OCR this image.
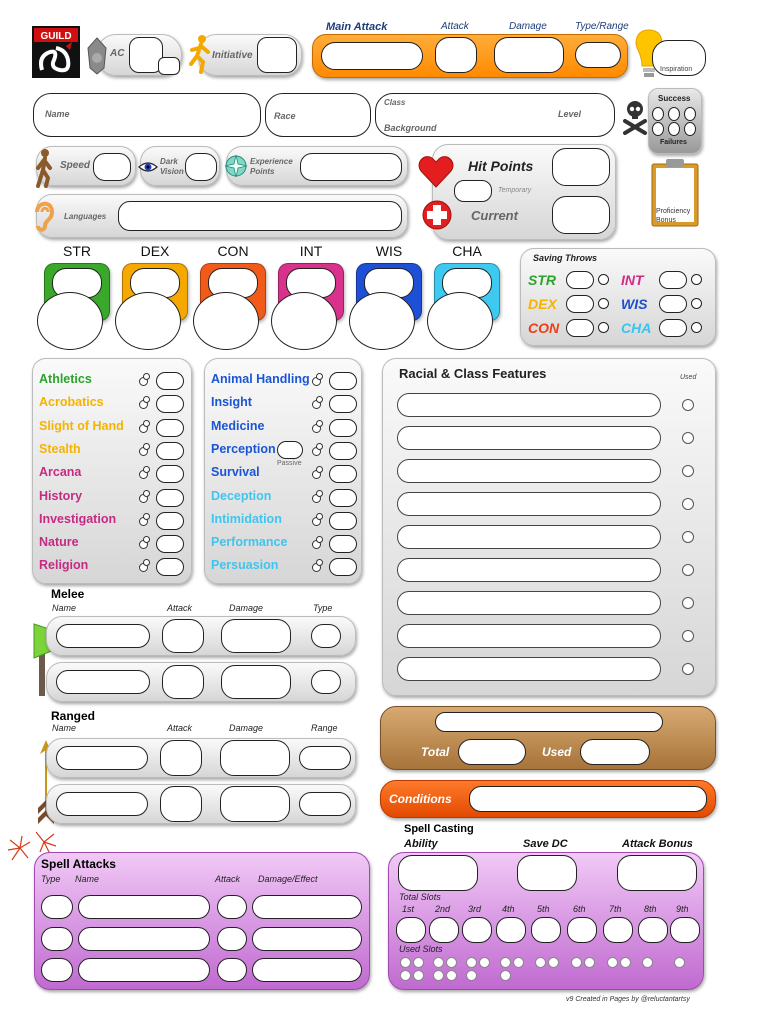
GUILD
AC	Initiative
Main Attack	Attack	Damage	Type/Range
Inspiration
Name	Race
Class
Background
Level
Success
Failures
Speed	Dark
Vision
Experience
Points
Languages
Hit Points
Temporary
Current	Proficiency
Bonus
STR	DEX	CON	INT	WIS	CHA	Saving Throws
STR	INT
DEX	WIS
CON	CHA
Athletics
Acrobatics
Slight of Hand
Stealth
Arcana
History
Investigation
Nature
Religion
Animal Handling
Insight
Medicine
Perception
Survival
Deception
Intimidation
Performance
Persuasion
Passive
Racial & Class Features	Used
Melee
Name	Attack	Damage	Type
Ranged
Name	Attack	Damage	Range
Total	Used
Conditions
Spell Attacks
Type Name	Attack Damage/Effect
Spell Casting
Ability	Save DC	Attack Bonus
Total Slots
Used Slots
1st 2nd 3rd 4th 5th	6th	7th 8th 9th
v9 Created in Pages by @reluctantartsy
